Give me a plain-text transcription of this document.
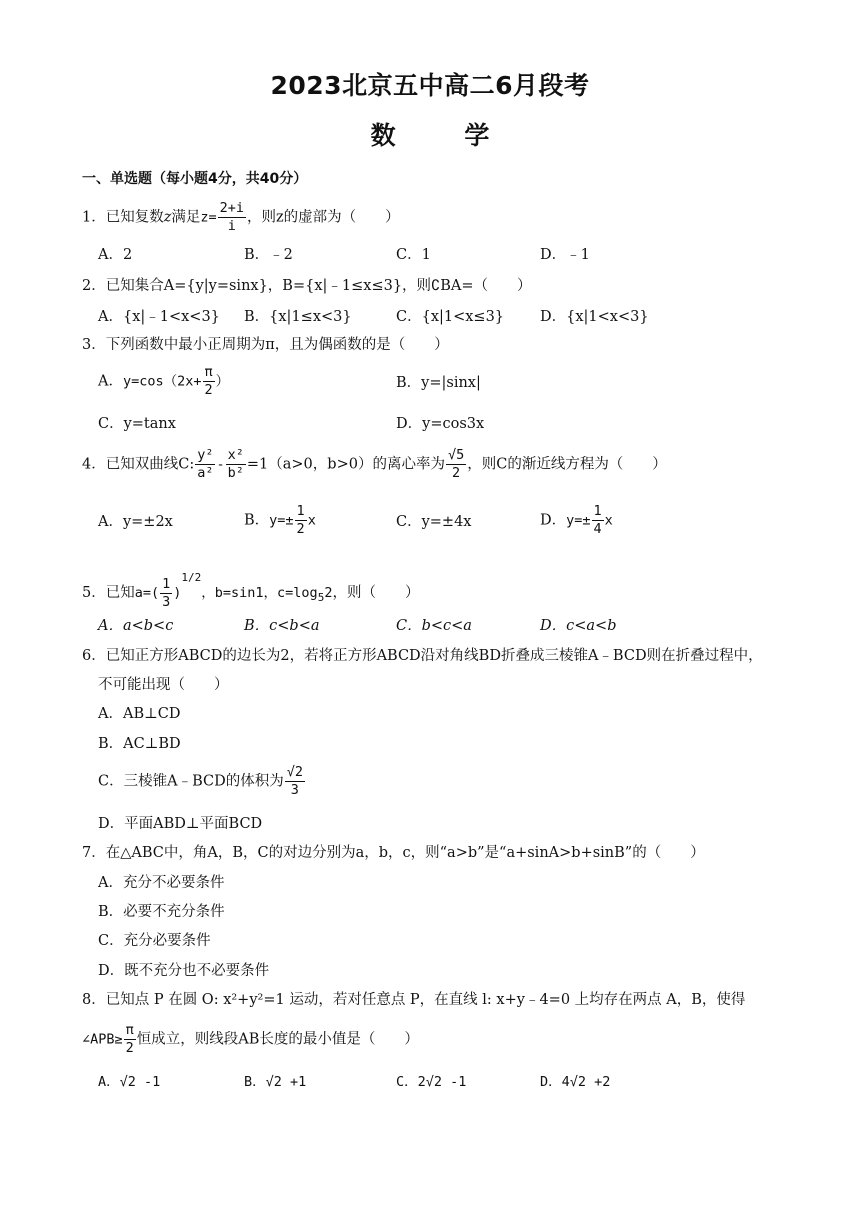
2023北京五中高二6月段考
数 学
一、单选题（每小题4分，共40分）
1．已知复数z满足$z= \frac{2+i}{i}$ ，则z的虚部为（　　）
A．2	B．﹣2	C．1	D．﹣1
2．已知集合A={y|y=sinx}，B={x|﹣1≤x≤3}，则∁BA=（　　）
A．{x|﹣1<x<3} B．{x|1≤x<3}	C．{x|1<x≤3} D．{x|1<x<3}
3．下列函数中最小正周期为π，且为偶函数的是（　　）
A．$y=\cos(2x+ \frac{\pi}{2}$ ）	B．y=|sinx|
C．y=tanx	D．y=cos3x
4．已知双曲线C: $\frac{\text{y²}}{\text{a²}} - \frac{\text{x²}}{\text{b²}} =1(a>0$，b>0）的离心率为 $\frac{√5}{2}$ ，则C的渐近线方程为（　　）
A．y=±2x	B．$y=\pm \frac{1}{2}$ x	C．y=±4x	D．$y=\pm \frac{1}{4}$ x
5．已知$a=( \frac{1}{3} )^{1/2}$，b=sin1，$c=\log_52$，则（　　）
A．a<b<c	B．c<b<a	C．b<c<a	D．c<a<b
6．已知正方形ABCD的边长为2，若将正方形ABCD沿对角线BD折叠成三棱锥A﹣BCD则在折叠过程中，
不可能出现（　　）
A．AB⊥CD
B．AC⊥BD
C．三棱锥A﹣BCD的体积为 $\frac{√2}{3}$
D．平面ABD⊥平面BCD
7．在△ABC中，角A，B，C的对边分别为a，b，c，则“a>b”是“a+sinA>b+sinB”的（　　）
A．充分不必要条件
B．必要不充分条件
C．充分必要条件
D．既不充分也不必要条件
8．已知点 P 在圆 O: x²+y²=1 运动，若对任意点 P，在直线 l: x+y﹣4=0 上均存在两点 A，B，使得
∠APB≥ $\frac{\pi}{2}$ 恒成立，则线段AB长度的最小值是（　　）
A．√2 -1	B．√2 +1	C．2√2 -1	D．4√2 +2
